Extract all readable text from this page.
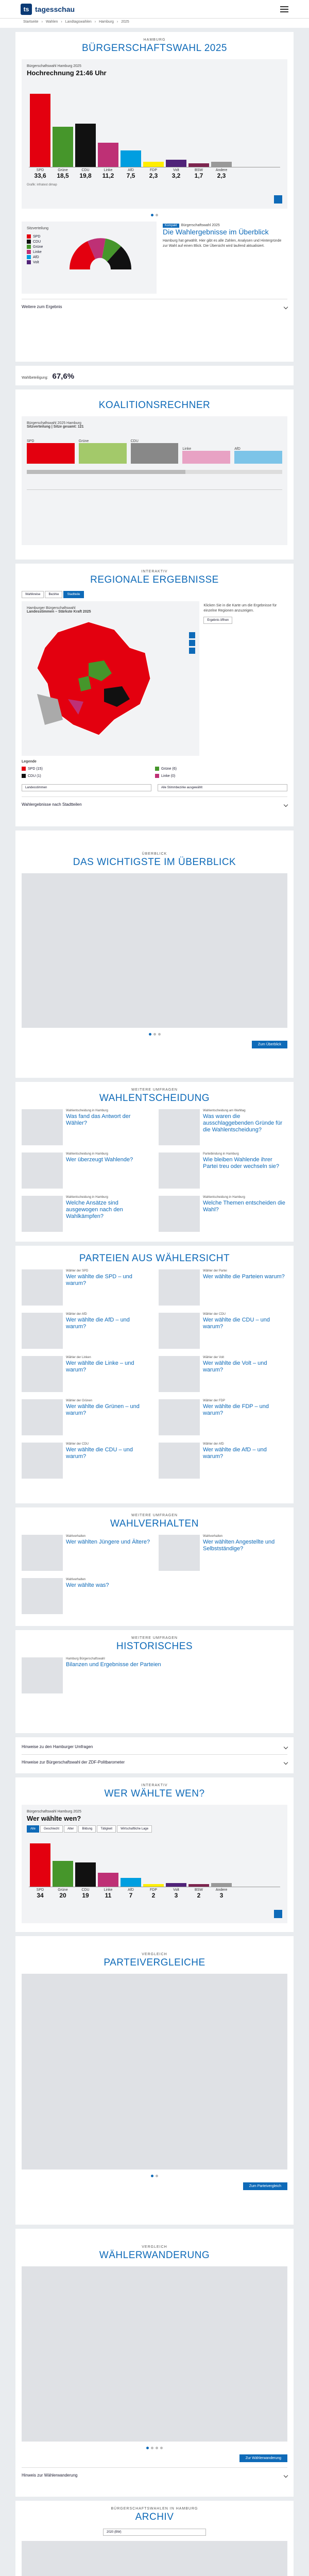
ts tagesschau
Startseite › Wahlen › Landtagswahlen › Hamburg › 2025
HAMBURG
BÜRGERSCHAFTSWAHL 2025
Bürgerschaftswahl Hamburg 2025
Hochrechnung 21:46 Uhr
SPD	Grüne	CDU	Linke	AfD	FDP	Volt	BSW	Andere
33,6	18,5	19,8	11,2	7,5	2,3	3,2	1,7	2,3
Grafik: infratest dimap
Sitzverteilung
SPD
CDU
Grüne
Linke
AfD
Volt
Kompakt Bürgerschaftswahl 2025
Die Wahlergebnisse im Überblick
Hamburg hat gewählt. Hier gibt es alle Zahlen, Analysen und Hintergründe zur Wahl auf einen Blick. Die Übersicht wird laufend aktualisiert.
Weitere zum Ergebnis
Wahlbeteiligung: 67,6%
KOALITIONSRECHNER
Bürgerschaftswahl 2025 Hamburg
Sitzverteilung | Sitze gesamt: 121
SPD	Grüne	CDU
Linke	AfD
INTERAKTIV
REGIONALE ERGEBNISSE
Wahlkreise	Bezirke	Stadtteile
Hamburger Bürgerschaftswahl
Landesstimmen – Stärkste Kraft 2025
Klicken Sie in die Karte um die Ergebnisse für einzelne Regionen anzuzeigen.
Ergebnis öffnen
Legende
SPD (15)	Grüne (6)
CDU (1)	Linke (0)
Landesstimmen	Alle Stimmbezirke ausgewählt
Wahlergebnisse nach Stadtteilen
ÜBERBLICK
DAS WICHTIGSTE IM ÜBERBLICK
Zum Überblick
WEITERE UMFRAGEN
WAHLENTSCHEIDUNG
Wahlentscheidung in Hamburg
Was fand das Antwort der Wähler?
Wahlentscheidung am Wahltag
Was waren die ausschlaggebenden Gründe für die Wahlentscheidung?
Wahlentscheidung in Hamburg
Wer überzeugt Wahlende?
Parteibindung in Hamburg
Wie bleiben Wahlende ihrer Partei treu oder wechseln sie?
Wahlentscheidung in Hamburg
Welche Ansätze sind ausgewogen nach den Wahlkämpfen?
Wahlentscheidung in Hamburg
Welche Themen entscheiden die Wahl?
PARTEIEN AUS WÄHLERSICHT
Wähler der SPD
Wer wählte die SPD – und warum?
Wähler der Partei
Wer wählte die Parteien warum?
Wähler der AfD
Wer wählte die AfD – und warum?
Wähler der CDU
Wer wählte die CDU – und warum?
Wähler der Linken
Wer wählte die Linke – und warum?
Wähler der Volt
Wer wählte die Volt – und warum?
Wähler der Grünen
Wer wählte die Grünen – und warum?
Wähler der FDP
Wer wählte die FDP – und warum?
Wähler der CDU
Wer wählte die CDU – und warum?
Wähler der AfD
Wer wählte die AfD – und warum?
WEITERE UMFRAGEN
WAHLVERHALTEN
Wahlverhalten
Wer wählten Jüngere und Ältere?
Wahlverhalten
Wer wählten Angestellte und Selbstständige?
Wahlverhalten
Wer wählte was?
WEITERE UMFRAGEN
HISTORISCHES
Hamburg Bürgerschaftswahl
Bilanzen und Ergebnisse der Parteien
Hinweise zu den Hamburger Umfragen
Hinweise zur Bürgerschaftswahl der ZDF-Politbarometer
INTERAKTIV
WER WÄHLTE WEN?
Bürgerschaftswahl Hamburg 2025
Wer wählte wen?
Alle	Geschlecht	Alter	Bildung	Tätigkeit	Wirtschaftliche Lage
SPD	Grüne	CDU	Linke	AfD	FDP	Volt	BSW	Andere
34	20	19	11	7	2	3	2	3
VERGLEICH
PARTEIVERGLEICHE
Zum Parteivergleich
VERGLEICH
WÄHLERWANDERUNG
Zur Wählerwanderung
Hinweis zur Wählerwanderung
BÜRGERSCHAFTSWAHLEN IN HAMBURG
ARCHIV
2020 (BW)
